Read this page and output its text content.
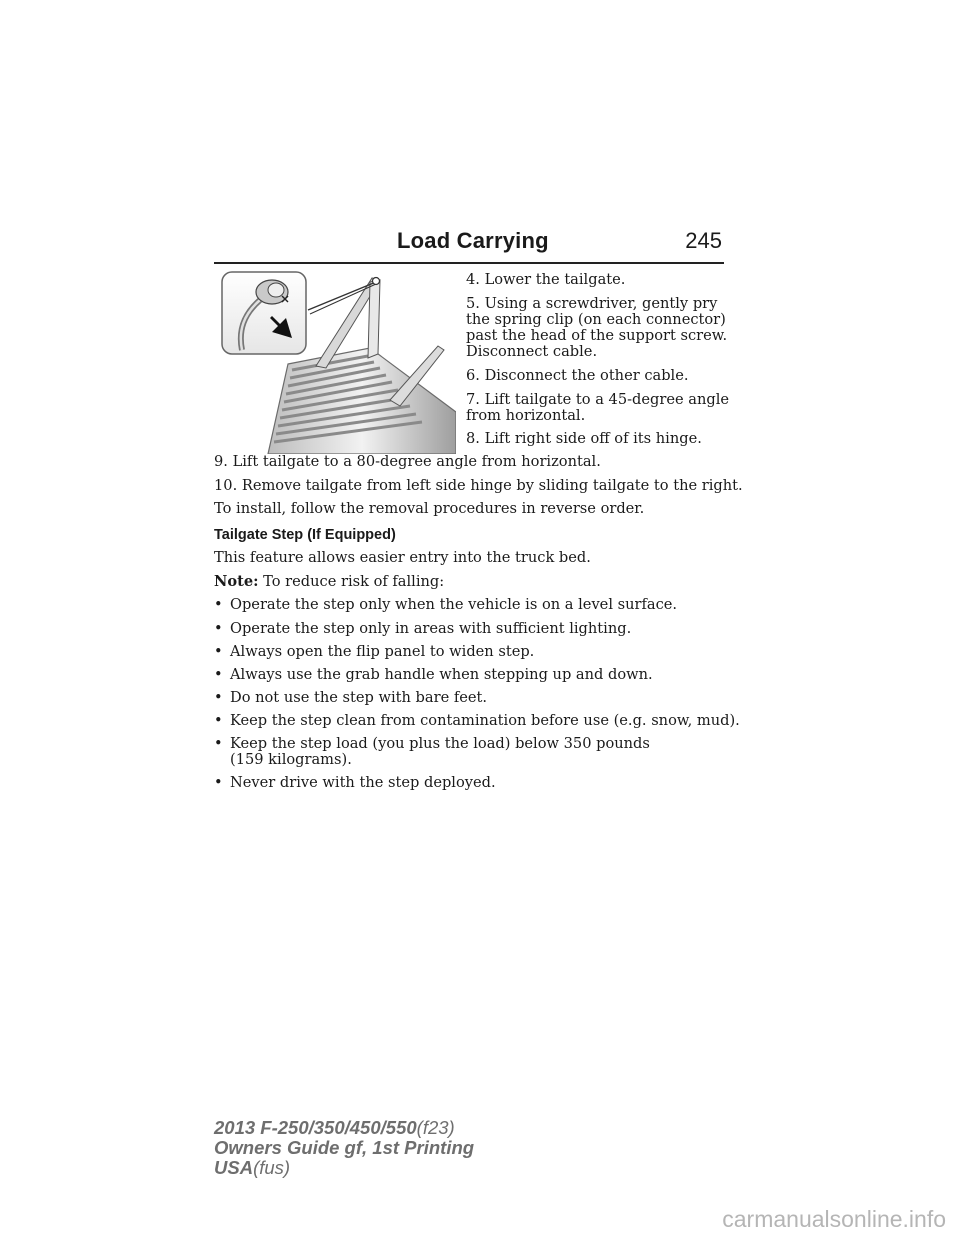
Load Carrying	245
4. Lower the tailgate.
5. Using a screwdriver, gently pry
the spring clip (on each connector)
past the head of the support screw.
Disconnect cable.
6. Disconnect the other cable.
7. Lift tailgate to a 45-degree angle
from horizontal.
8. Lift right side off of its hinge.
9. Lift tailgate to a 80-degree angle from horizontal.
10. Remove tailgate from left side hinge by sliding tailgate to the right.
To install, follow the removal procedures in reverse order.
Tailgate Step (If Equipped)
This feature allows easier entry into the truck bed.
Note: To reduce risk of falling:
• Operate the step only when the vehicle is on a level surface.
• Operate the step only in areas with sufficient lighting.
• Always open the flip panel to widen step.
• Always use the grab handle when stepping up and down.
• Do not use the step with bare feet.
• Keep the step clean from contamination before use (e.g. snow, mud).
• Keep the step load (you plus the load) below 350 pounds
(159 kilograms).
• Never drive with the step deployed.
2013 F-250/350/450/550(f23)
Owners Guide gf, 1st Printing
USA(fus)
carmanualsonline.info
